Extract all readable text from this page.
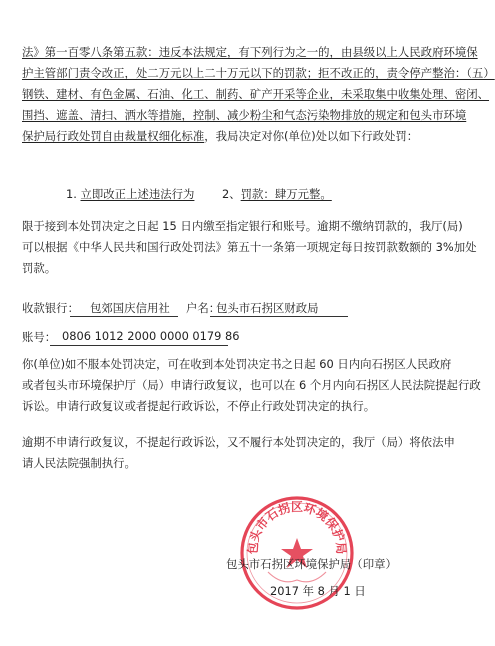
法》第一百零八条第五款：违反本法规定，有下列行为之一的，由县级以上人民政府环境保
护主管部门责令改正，处二万元以上二十万元以下的罚款；拒不改正的，责令停产整治：（五）
钢铁、建材、有色金属、石油、化工、制药、矿产开采等企业，未采取集中收集处理、密闭、
围挡、遮盖、清扫、洒水等措施，控制、减少粉尘和气态污染物排放的规定和包头市环境
保护局行政处罚自由裁量权细化标准，我局决定对你(单位)处以如下行政处罚：
1. 立即改正上述违法行为 2、罚款：肆万元整。
限于接到本处罚决定之日起 15 日内缴至指定银行和账号。逾期不缴纳罚款的，我厅(局)
可以根据《中华人民共和国行政处罚法》第五十一条第一项规定每日按罚款数额的 3%加处
罚款。
收款银行： 包郊国庆信用社 户名：
包头市石拐区财政局
账号： 0806 1012 2000 0000 0179 86
你(单位)如不服本处罚决定，可在收到本处罚决定书之日起 60 日内向石拐区人民政府
或者包头市环境保护厅（局）申请行政复议，也可以在 6 个月内向石拐区人民法院提起行政
诉讼。申请行政复议或者提起行政诉讼，不停止行政处罚决定的执行。
逾期不申请行政复议，不提起行政诉讼，又不履行本处罚决定的，我厅（局）将依法申
请人民法院强制执行。
包头市石拐区环境保护局
包头市石拐区环境保护局（印章）
2017 年 8 月 1 日
